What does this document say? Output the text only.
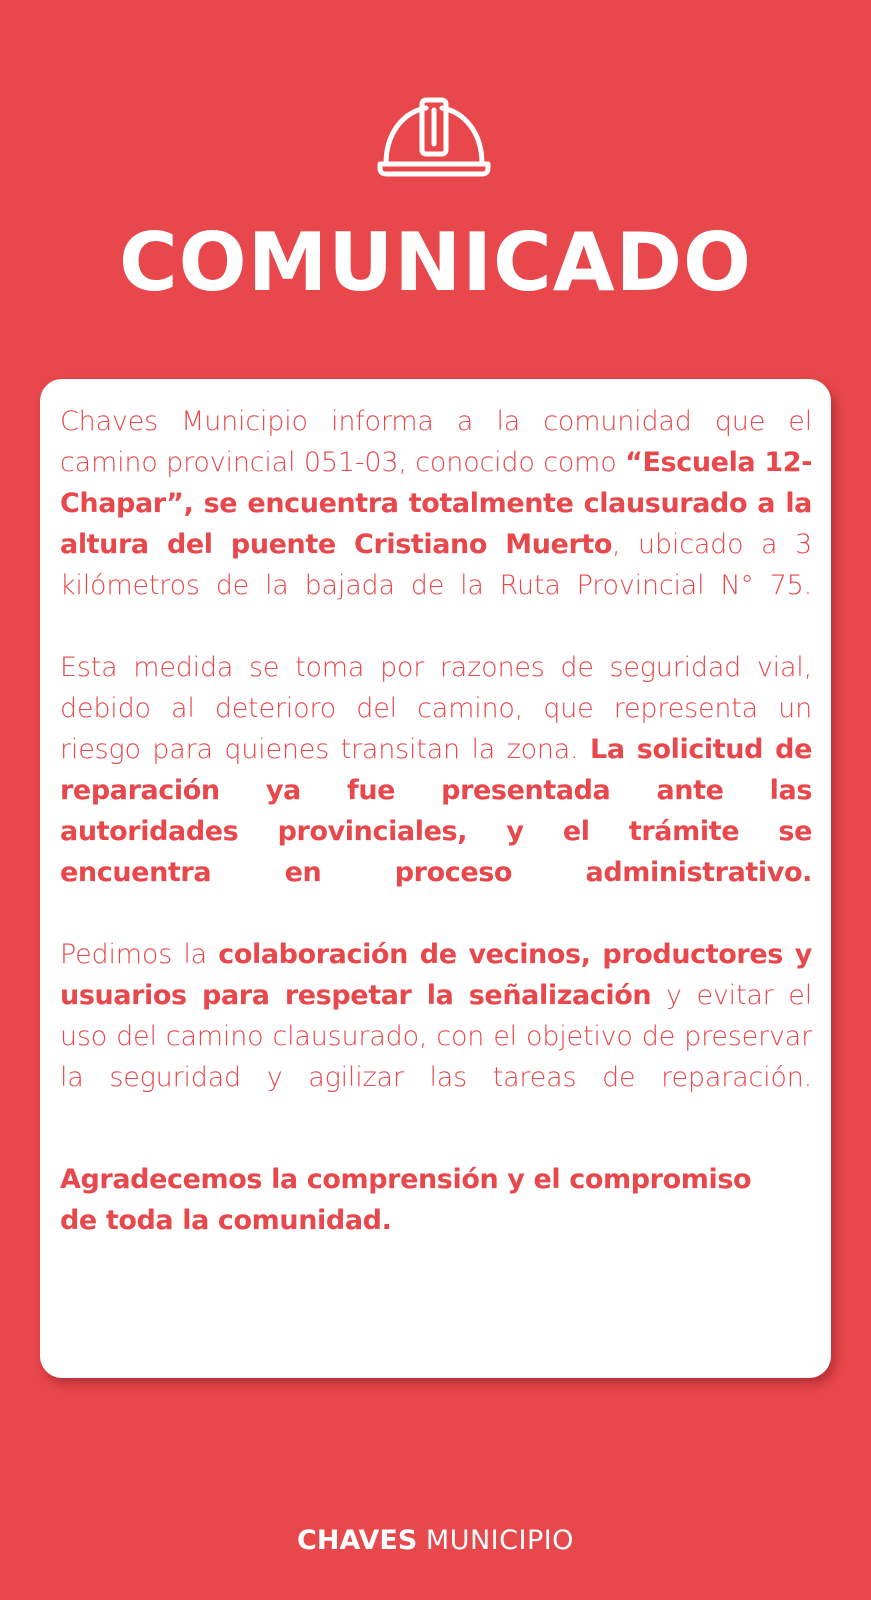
COMUNICADO

Chaves Municipio informa a la comunidad que el camino provincial 051-03, conocido como “Escuela 12-Chapar”, se encuentra totalmente clausurado a la altura del puente Cristiano Muerto, ubicado a 3 kilómetros de la bajada de la Ruta Provincial N° 75.

Esta medida se toma por razones de seguridad vial, debido al deterioro del camino, que representa un riesgo para quienes transitan la zona. La solicitud de reparación ya fue presentada ante las autoridades provinciales, y el trámite se encuentra en proceso administrativo.

Pedimos la colaboración de vecinos, productores y usuarios para respetar la señalización y evitar el uso del camino clausurado, con el objetivo de preservar la seguridad y agilizar las tareas de reparación.

Agradecemos la comprensión y el compromiso
de toda la comunidad.

CHAVES MUNICIPIO
